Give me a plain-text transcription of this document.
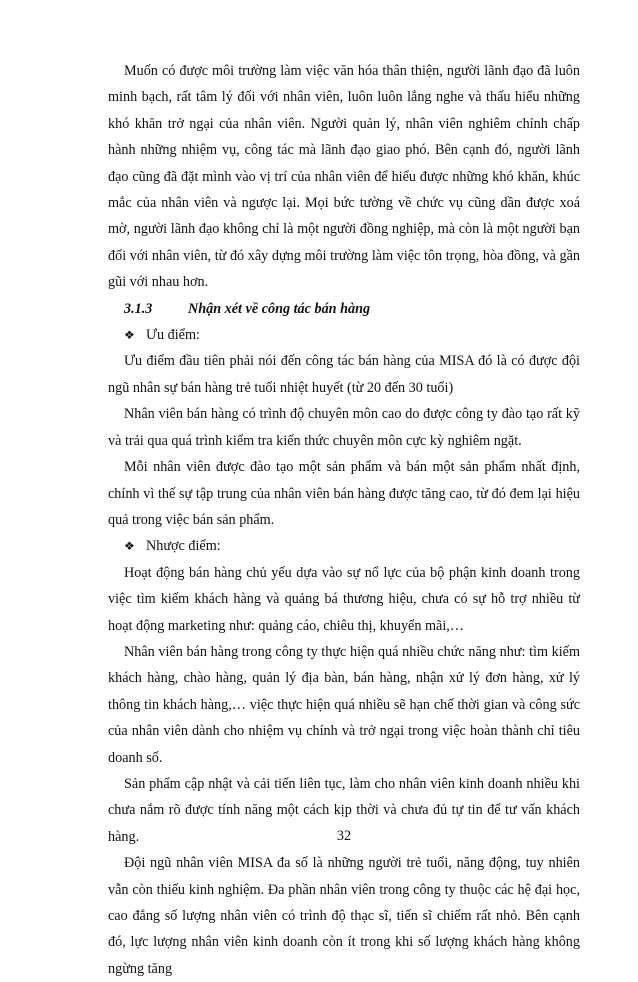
Muốn có được môi trường làm việc văn hóa thân thiện, người lãnh đạo đã luôn minh bạch, rất tâm lý đối với nhân viên, luôn luôn lắng nghe và thấu hiểu những khó khăn trở ngại của nhân viên. Người quản lý, nhân viên nghiêm chỉnh chấp hành những nhiệm vụ, công tác mà lãnh đạo giao phó. Bên cạnh đó, người lãnh đạo cũng đã đặt mình vào vị trí của nhân viên để hiểu được những khó khăn, khúc mắc của nhân viên và ngược lại. Mọi bức tường về chức vụ cũng dần được xoá mờ, người lãnh đạo không chỉ là một người đồng nghiệp, mà còn là một người bạn đối với nhân viên, từ đó xây dựng môi trường làm việc tôn trọng, hòa đồng, và gần gũi với nhau hơn.

3.1.3	Nhận xét về công tác bán hàng

❖ Ưu điểm:

Ưu điểm đầu tiên phải nói đến công tác bán hàng của MISA đó là có được đội ngũ nhân sự bán hàng trẻ tuổi nhiệt huyết (từ 20 đến 30 tuổi)

Nhân viên bán hàng có trình độ chuyên môn cao do được công ty đào tạo rất kỹ và trải qua quá trình kiểm tra kiến thức chuyên môn cực kỳ nghiêm ngặt.

Mỗi nhân viên được đào tạo một sản phẩm và bán một sản phẩm nhất định, chính vì thế sự tập trung của nhân viên bán hàng được tăng cao, từ đó đem lại hiệu quả trong việc bán sản phẩm.

❖ Nhược điểm:

Hoạt động bán hàng chủ yếu dựa vào sự nổ lực của bộ phận kinh doanh trong việc tìm kiếm khách hàng và quảng bá thương hiệu, chưa có sự hỗ trợ nhiều từ hoạt động marketing như: quảng cáo, chiêu thị, khuyến mãi,…

Nhân viên bán hàng trong công ty thực hiện quá nhiều chức năng như: tìm kiếm khách hàng, chào hàng, quản lý địa bàn, bán hàng, nhận xử lý đơn hàng, xử lý thông tin khách hàng,… việc thực hiện quá nhiều sẽ hạn chế thời gian và công sức của nhân viên dành cho nhiệm vụ chính và trở ngại trong việc hoàn thành chỉ tiêu doanh số.

Sản phẩm cập nhật và cải tiến liên tục, làm cho nhân viên kinh doanh nhiều khi chưa nắm rõ được tính năng một cách kịp thời và chưa đủ tự tin để tư vấn khách hàng.

Đội ngũ nhân viên MISA đa số là những người trẻ tuổi, năng động, tuy nhiên vẫn còn thiếu kinh nghiệm. Đa phần nhân viên trong công ty thuộc các hệ đại học, cao đẳng số lượng nhân viên có trình độ thạc sĩ, tiến sĩ chiếm rất nhỏ. Bên cạnh đó, lực lượng nhân viên kinh doanh còn ít trong khi số lượng khách hàng không ngừng tăng

32
